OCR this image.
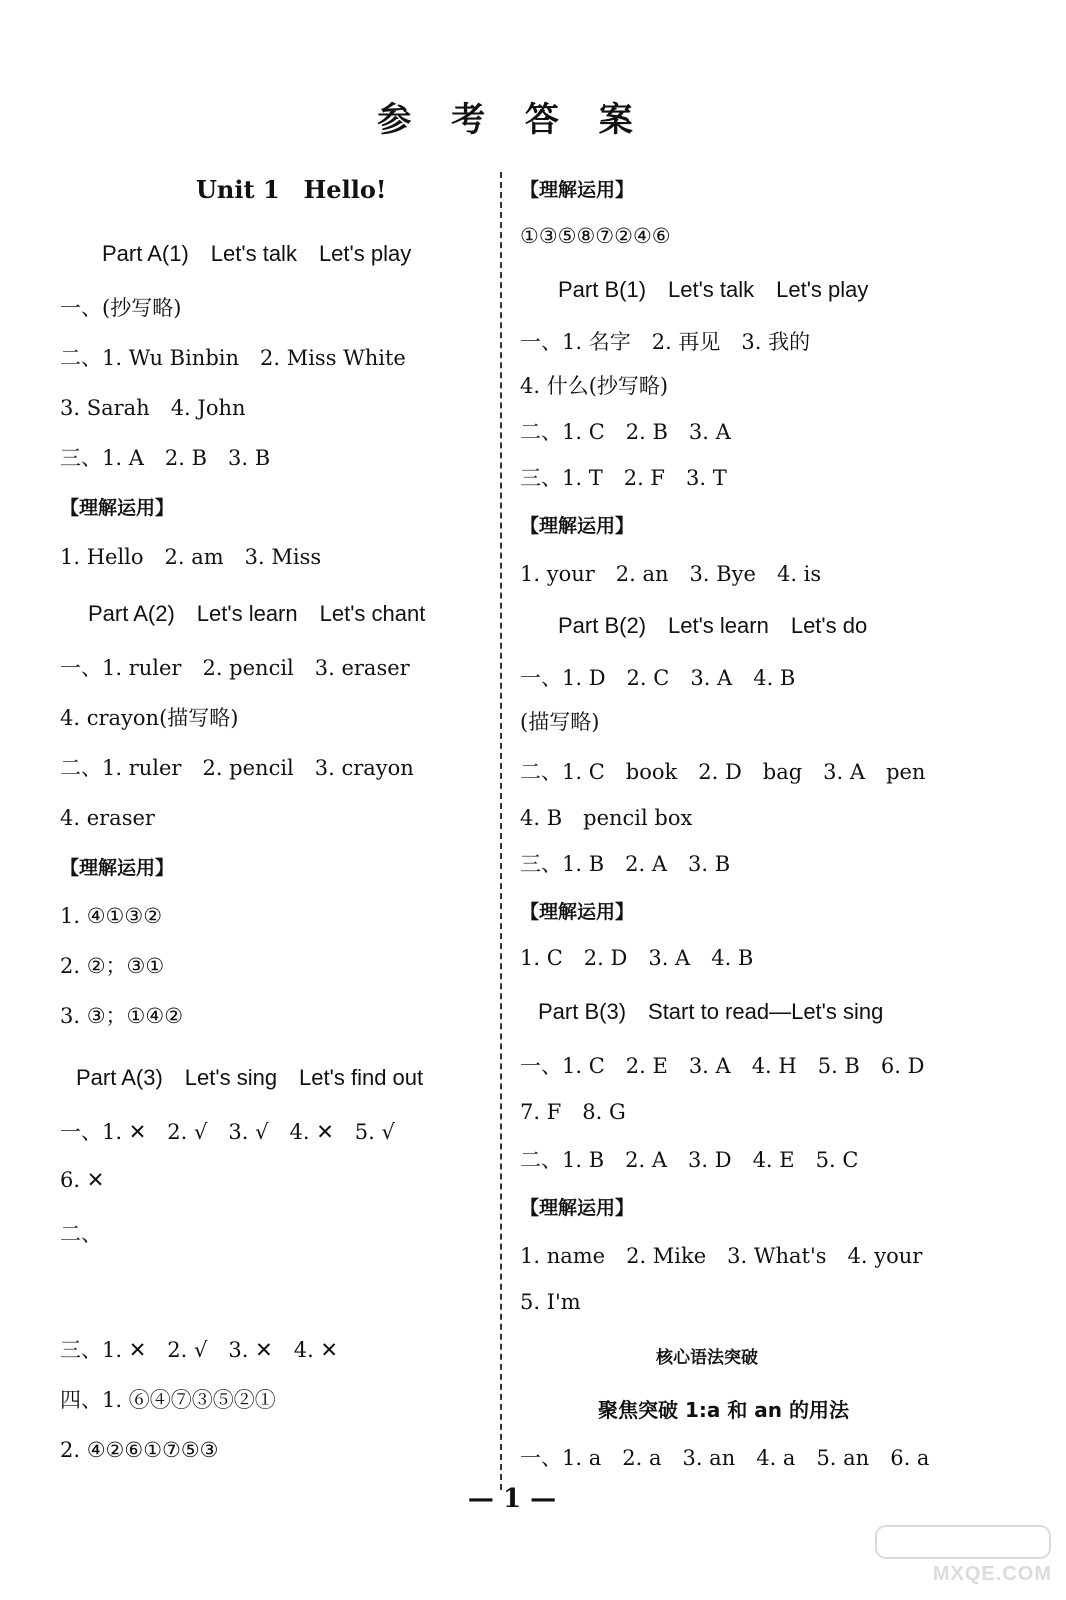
参 考 答 案
Unit 1　Hello!
Part A(1)　Let's talk　Let's play
一、(抄写略)
二、1. Wu Binbin　2. Miss White
3. Sarah　4. John
三、1. A　2. B　3. B
【理解运用】
1. Hello　2. am　3. Miss
Part A(2)　Let's learn　Let's chant
一、1. ruler　2. pencil　3. eraser
4. crayon(描写略)
二、1. ruler　2. pencil　3. crayon
4. eraser
【理解运用】
1. ④①③②
2. ②；③①
3. ③；①④②
Part A(3)　Let's sing　Let's find out
一、1. ✕　2. √　3. √　4. ✕　5. √
6. ✕
二、
三、1. ✕　2. √　3. ✕　4. ✕
四、1. ⑥④⑦③⑤②①
2. ④②⑥①⑦⑤③
【理解运用】
①③⑤⑧⑦②④⑥
Part B(1)　Let's talk　Let's play
一、1. 名字　2. 再见　3. 我的
4. 什么(抄写略)
二、1. C　2. B　3. A
三、1. T　2. F　3. T
【理解运用】
1. your　2. an　3. Bye　4. is
Part B(2)　Let's learn　Let's do
一、1. D　2. C　3. A　4. B
(描写略)
二、1. C　book　2. D　bag　3. A　pen
4. B　pencil box
三、1. B　2. A　3. B
【理解运用】
1. C　2. D　3. A　4. B
Part B(3)　Start to read—Let's sing
一、1. C　2. E　3. A　4. H　5. B　6. D
7. F　8. G
二、1. B　2. A　3. D　4. E　5. C
【理解运用】
1. name　2. Mike　3. What's　4. your
5. I'm
核心语法突破
聚焦突破 1:a 和 an 的用法
一、1. a　2. a　3. an　4. a　5. an　6. a
— 1 —
MXQE.COM
